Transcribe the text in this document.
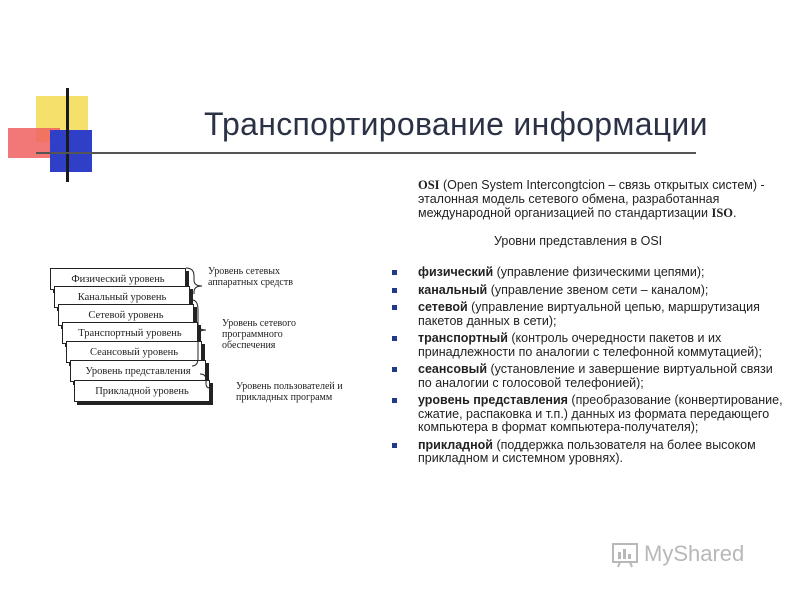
Транспортирование информации
OSI (Open System Intercongtcion – связь открытых систем) - эталонная модель сетевого обмена, разработанная международной организацией по стандартизации ISO.
Уровни представления в OSI
физический (управление физическими цепями);
канальный (управление звеном сети – каналом);
сетевой (управление виртуальной цепью, маршрутизация пакетов данных в сети);
транспортный (контроль очередности пакетов и их принадлежности по аналогии с телефонной коммутацией);
сеансовый (установление и завершение виртуальной связи по аналогии с голосовой телефонией);
уровень представления (преобразование (конвертирование, сжатие, распаковка и т.п.) данных из формата передающего компьютера в формат компьютера-получателя);
прикладной (поддержка пользователя на более высоком прикладном и системном уровнях).
Физический уровень
Канальный уровень
Сетевой уровень
Транспортный уровень
Сеансовый уровень
Уровень представления
Прикладной уровень
Уровень сетевых аппаратных средств
Уровень сетевого программного обеспечения
Уровень пользователей и прикладных программ
MyShared
